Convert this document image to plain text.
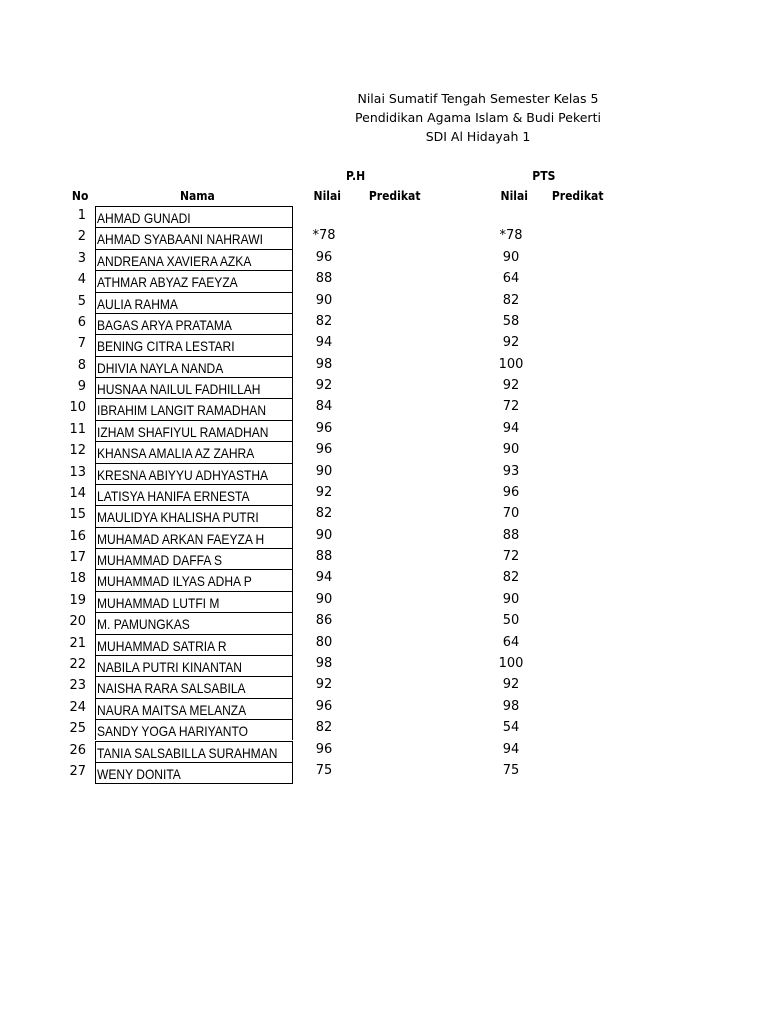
Nilai Sumatif Tengah Semester Kelas 5
Pendidikan Agama Islam & Budi Pekerti
SDI Al Hidayah 1
P.H	PTS
No	Nama	Nilai Predikat	Nilai Predikat
1 AHMAD GUNADI
2 AHMAD SYABAANI NAHRAWI	*78	*78
3 ANDREANA XAVIERA AZKA	96	90
4 ATHMAR ABYAZ FAEYZA	88	64
5 AULIA RAHMA	90	82
6 BAGAS ARYA PRATAMA	82	58
7 BENING CITRA LESTARI	94	92
8 DHIVIA NAYLA NANDA	98	100
9 HUSNAA NAILUL FADHILLAH	92	92
10 IBRAHIM LANGIT RAMADHAN	84	72
11 IZHAM SHAFIYUL RAMADHAN	96	94
12 KHANSA AMALIA AZ ZAHRA	96	90
13 KRESNA ABIYYU ADHYASTHA	90	93
14 LATISYA HANIFA ERNESTA	92	96
15 MAULIDYA KHALISHA PUTRI	82	70
16 MUHAMAD ARKAN FAEYZA H	90	88
17 MUHAMMAD DAFFA S	88	72
18 MUHAMMAD ILYAS ADHA P	94	82
19 MUHAMMAD LUTFI M	90	90
20 M. PAMUNGKAS	86	50
21 MUHAMMAD SATRIA R	80	64
22 NABILA PUTRI KINANTAN	98	100
23 NAISHA RARA SALSABILA	92	92
24 NAURA MAITSA MELANZA	96	98
25 SANDY YOGA HARIYANTO	82	54
26 TANIA SALSABILLA SURAHMAN	96	94
27 WENY DONITA	75	75
